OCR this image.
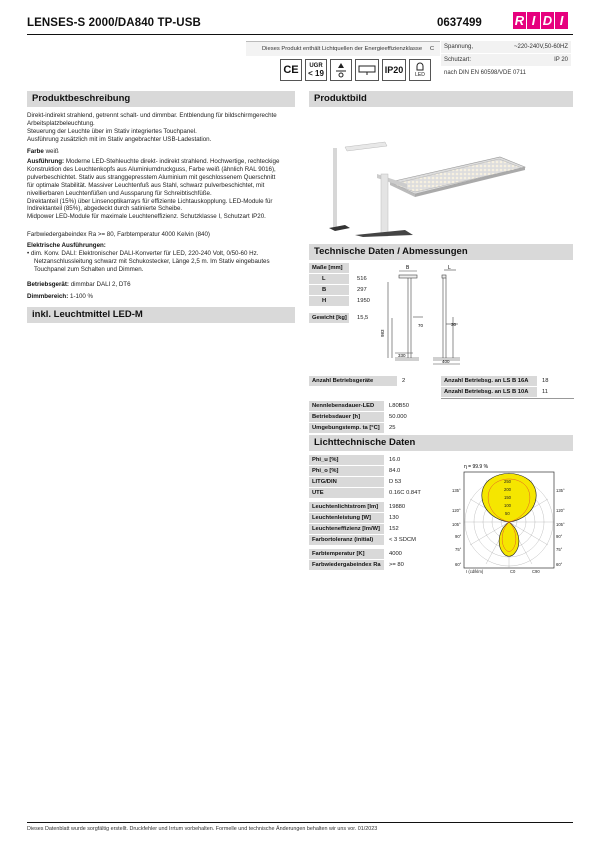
LENSES-S 2000/DA840 TP-USB	0637499	R I D I
Dieses Produkt enthält Lichtquellen der Energieeffizienzklasse C
CE	UGR
< 19	IP20	LED
Spannung,	~220-240V,50-60HZ
Schutzart:	IP 20
nach DIN EN 60598/VDE 0711
Produktbeschreibung	Produktbild
Technische Daten / Abmessungen
inkl. Leuchtmittel LED-M
Lichttechnische Daten
Direkt-indirekt strahlend, getrennt schalt- und dimmbar. Entblendung für bildschirmgerechte
Arbeitsplatzbeleuchtung.
Steuerung der Leuchte über im Stativ integriertes Touchpanel.
Ausführung zusätzlich mit im Stativ angebrachter USB-Ladestation.
Farbe weiß
Ausführung: Moderne LED-Stehleuchte direkt- indirekt strahlend. Hochwertige, rechteckige
Konstruktion des Leuchtenkopfs aus Aluminiumdruckguss, Farbe weiß (ähnlich RAL 9016),
pulverbeschichtet. Stativ aus stranggepresstem Aluminium mit geschlossenem Querschnitt
für optimale Stabilität. Massiver Leuchtenfuß aus Stahl, schwarz pulverbeschichtet, mit
nivellierbaren Leuchtenfüßen und Aussparung für Schreibtischfüße.
Direktanteil (15%) über Linsenoptikarrays für effiziente Lichtauskopplung. LED-Module für
Indirektanteil (85%), abgedeckt durch satinierte Scheibe.
Midpower LED-Module für maximale Leuchteneffizienz. Schutzklasse I, Schutzart IP20.
Farbwiedergabeindex Ra >= 80, Farbtemperatur 4000 Kelvin (840)
Elektrische Ausführungen:
• dim. Konv. DALI: Elektronischer DALI-Konverter für LED, 220-240 Volt, 0/50-60 Hz.
Netzanschlussleitung schwarz mit Schukostecker, Länge 2,5 m. Im Stativ eingebautes
Touchpanel zum Schalten und Dimmen.
Betriebsgerät: dimmbar DALI 2, DT6
Dimmbereich: 1-100 %
Maße [mm]
L	516
B	297
H	1950
Gewicht [kg]	15,5
B	L
983
70	30
330
400
Anzahl Betriebsgeräte	2	Anzahl Betriebsg. an LS B 16A	18
Anzahl Betriebsg. an LS B 10A	11
Nennlebensdauer-LED	L80B50
Betriebsdauer [h]	50.000
Umgebungstemp. ta [°C]	25
Phi_u [%]	16.0
Phi_o [%]	84.0
LITG/DIN	D 53
UTE	0.16C 0.84T
Leuchtenlichtstrom [lm]	19880
Leuchtenleistung [W]	130
Leuchteneffizienz [lm/W]	152
Farbortoleranz (initial)	< 3 SDCM
Farbtemperatur [K]	4000
Farbwiedergabeindex Ra	>= 80
η = 99.9 %
250
200
150
100
50
135°
120°
105°
90°
75°
60°
135°
120°
105°
90°
75°
60°
I (cd/klm)	C0	C90
Dieses Datenblatt wurde sorgfältig erstellt. Druckfehler und Irrtum vorbehalten. Formelle und technische Änderungen behalten wir uns vor. 01/2023
